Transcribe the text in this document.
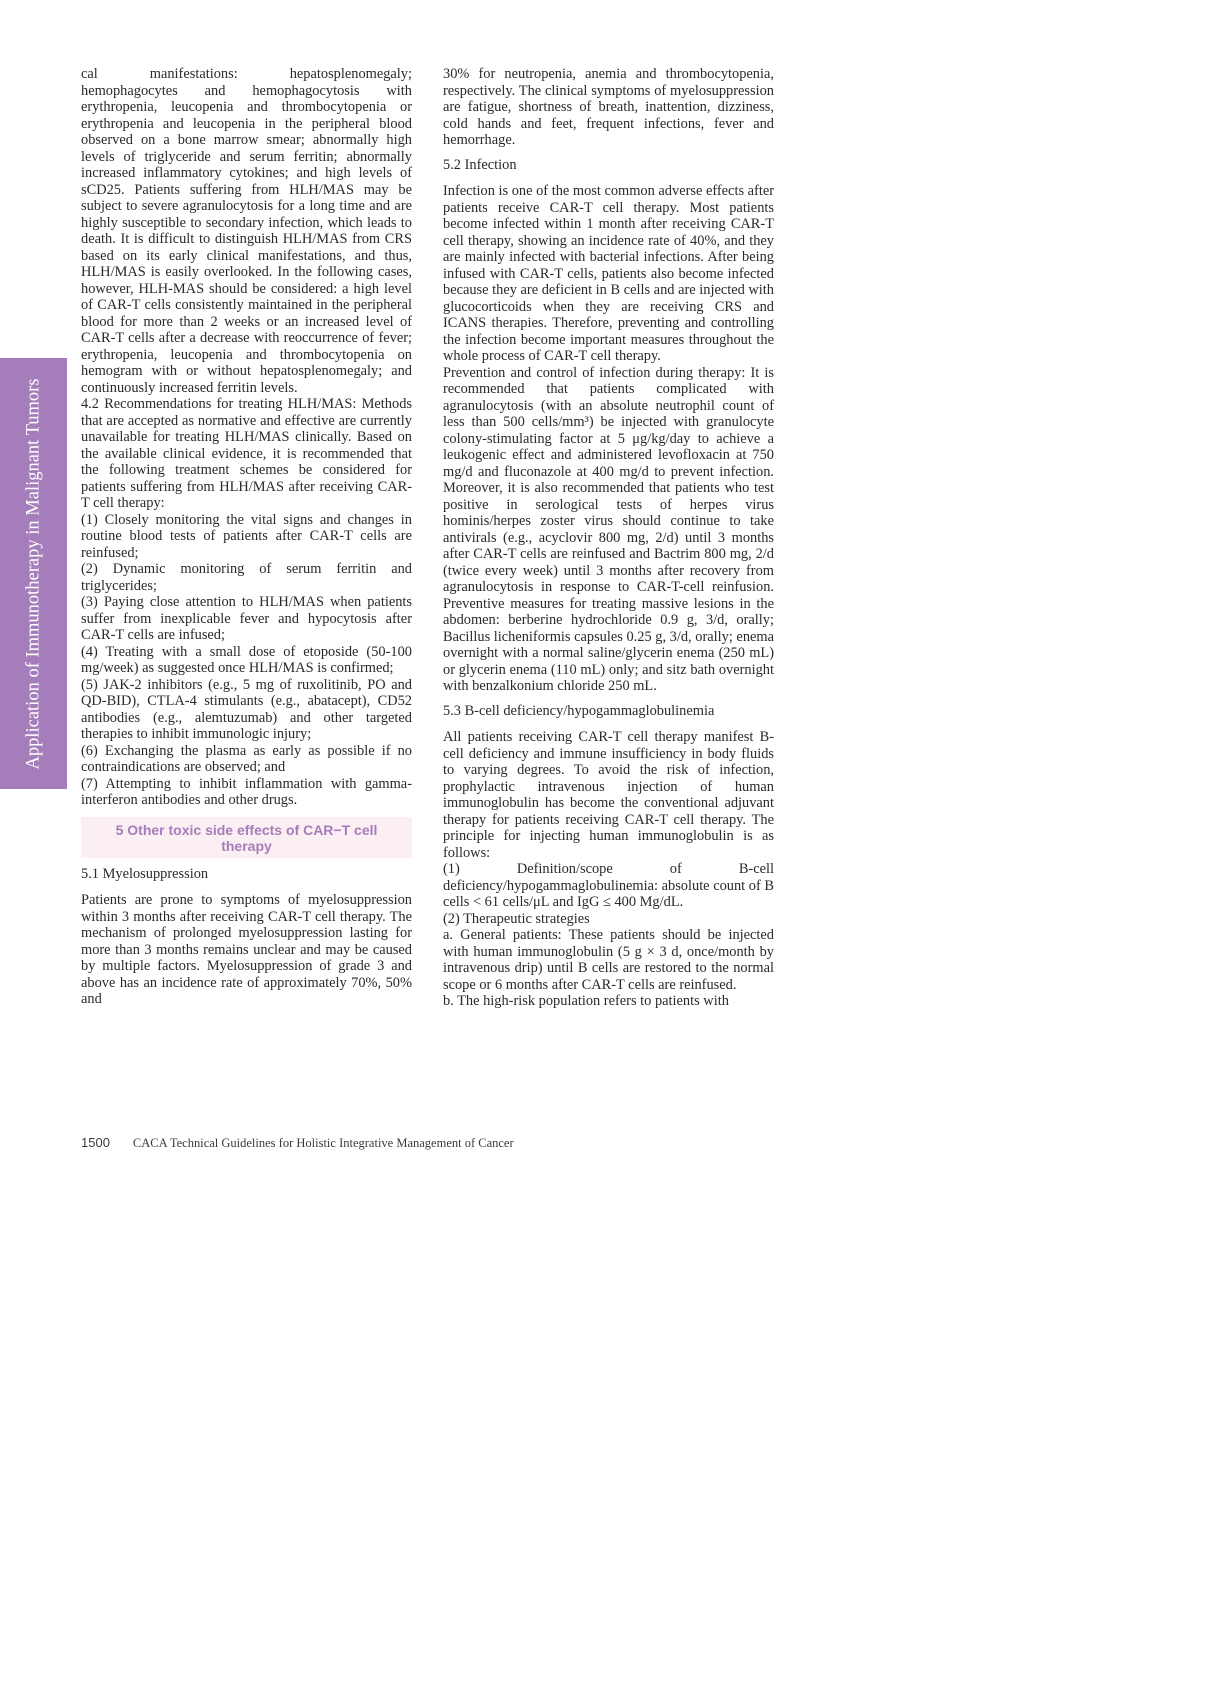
Application of Immunotherapy in Malignant Tumors

cal manifestations: hepatosplenomegaly; hemophagocytes and hemophagocytosis with erythropenia, leucopenia and thrombocytopenia or erythropenia and leucopenia in the peripheral blood observed on a bone marrow smear; abnormally high levels of triglyceride and serum ferritin; abnormally increased inflammatory cytokines; and high levels of sCD25. Patients suffering from HLH/MAS may be subject to severe agranulocytosis for a long time and are highly susceptible to secondary infection, which leads to death. It is difficult to distinguish HLH/MAS from CRS based on its early clinical manifestations, and thus, HLH/MAS is easily overlooked. In the following cases, however, HLH-MAS should be considered: a high level of CAR-T cells consistently maintained in the peripheral blood for more than 2 weeks or an increased level of CAR-T cells after a decrease with reoccurrence of fever; erythropenia, leucopenia and thrombocytopenia on hemogram with or without hepatosplenomegaly; and continuously increased ferritin levels.

4.2 Recommendations for treating HLH/MAS: Methods that are accepted as normative and effective are currently unavailable for treating HLH/MAS clinically. Based on the available clinical evidence, it is recommended that the following treatment schemes be considered for patients suffering from HLH/MAS after receiving CAR-T cell therapy:

(1) Closely monitoring the vital signs and changes in routine blood tests of patients after CAR-T cells are reinfused;

(2) Dynamic monitoring of serum ferritin and triglycerides;

(3) Paying close attention to HLH/MAS when patients suffer from inexplicable fever and hypocytosis after CAR-T cells are infused;

(4) Treating with a small dose of etoposide (50-100 mg/week) as suggested once HLH/MAS is confirmed;

(5) JAK-2 inhibitors (e.g., 5 mg of ruxolitinib, PO and QD-BID), CTLA-4 stimulants (e.g., abatacept), CD52 antibodies (e.g., alemtuzumab) and other targeted therapies to inhibit immunologic injury;

(6) Exchanging the plasma as early as possible if no contraindications are observed; and

(7) Attempting to inhibit inflammation with gamma-interferon antibodies and other drugs.

5 Other toxic side effects of CAR−T cell therapy
5.1 Myelosuppression

Patients are prone to symptoms of myelosuppression within 3 months after receiving CAR-T cell therapy. The mechanism of prolonged myelosuppression lasting for more than 3 months remains unclear and may be caused by multiple factors. Myelosuppression of grade 3 and above has an incidence rate of approximately 70%, 50% and

30% for neutropenia, anemia and thrombocytopenia, respectively. The clinical symptoms of myelosuppression are fatigue, shortness of breath, inattention, dizziness, cold hands and feet, frequent infections, fever and hemorrhage.

5.2 Infection

Infection is one of the most common adverse effects after patients receive CAR-T cell therapy. Most patients become infected within 1 month after receiving CAR-T cell therapy, showing an incidence rate of 40%, and they are mainly infected with bacterial infections. After being infused with CAR-T cells, patients also become infected because they are deficient in B cells and are injected with glucocorticoids when they are receiving CRS and ICANS therapies. Therefore, preventing and controlling the infection become important measures throughout the whole process of CAR-T cell therapy.

Prevention and control of infection during therapy: It is recommended that patients complicated with agranulocytosis (with an absolute neutrophil count of less than 500 cells/mm³) be injected with granulocyte colony-stimulating factor at 5 μg/kg/day to achieve a leukogenic effect and administered levofloxacin at 750 mg/d and fluconazole at 400 mg/d to prevent infection. Moreover, it is also recommended that patients who test positive in serological tests of herpes virus hominis/herpes zoster virus should continue to take antivirals (e.g., acyclovir 800 mg, 2/d) until 3 months after CAR-T cells are reinfused and Bactrim 800 mg, 2/d (twice every week) until 3 months after recovery from agranulocytosis in response to CAR-T-cell reinfusion. Preventive measures for treating massive lesions in the abdomen: berberine hydrochloride 0.9 g, 3/d, orally; Bacillus licheniformis capsules 0.25 g, 3/d, orally; enema overnight with a normal saline/glycerin enema (250 mL) or glycerin enema (110 mL) only; and sitz bath overnight with benzalkonium chloride 250 mL.

5.3 B-cell deficiency/hypogammaglobulinemia

All patients receiving CAR-T cell therapy manifest B-cell deficiency and immune insufficiency in body fluids to varying degrees. To avoid the risk of infection, prophylactic intravenous injection of human immunoglobulin has become the conventional adjuvant therapy for patients receiving CAR-T cell therapy. The principle for injecting human immunoglobulin is as follows:

(1) Definition/scope of B-cell deficiency/hypogammaglobulinemia: absolute count of B cells < 61 cells/μL and IgG ≤ 400 Mg/dL.

(2) Therapeutic strategies

a. General patients: These patients should be injected with human immunoglobulin (5 g × 3 d, once/month by intravenous drip) until B cells are restored to the normal scope or 6 months after CAR-T cells are reinfused.

b. The high-risk population refers to patients with

1500 CACA Technical Guidelines for Holistic Integrative Management of Cancer
